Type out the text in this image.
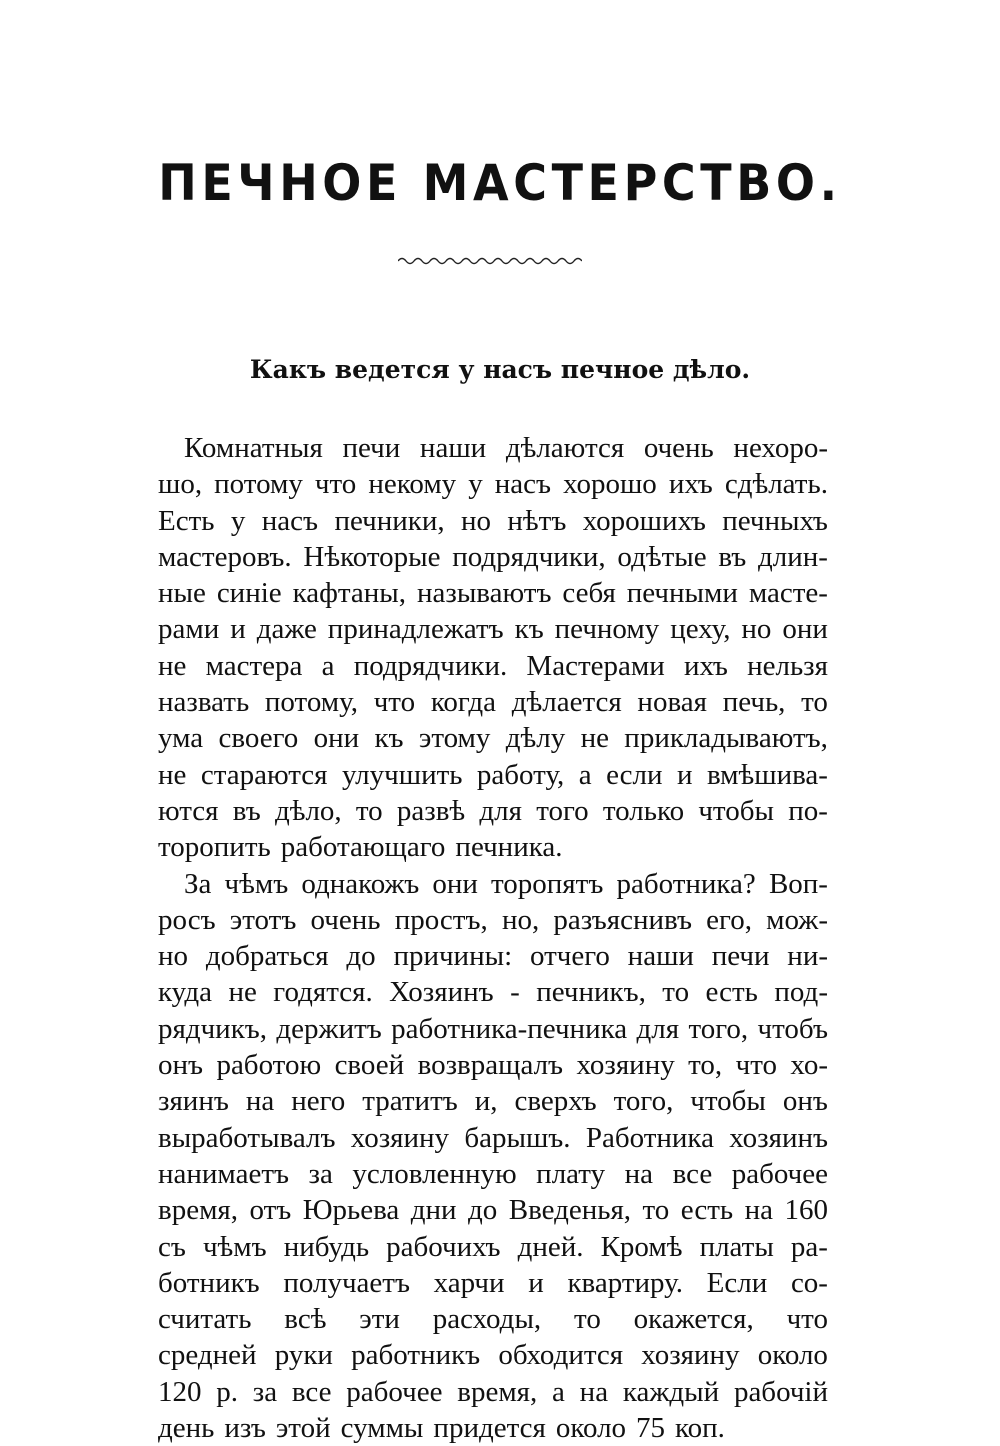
ПЕЧНОЕ МАСТЕРСТВО.
Какъ ведется у насъ печное дѣло.
Комнатныя печи наши дѣлаются очень нехоро-
шо, потому что некому у насъ хорошо ихъ сдѣлать.
Есть у насъ печники, но нѣтъ хорошихъ печныхъ
мастеровъ. Нѣкоторые подрядчики, одѣтые въ длин-
ные синіе кафтаны, называютъ себя печными масте-
рами и даже принадлежатъ къ печному цеху, но они
не мастера а подрядчики. Мастерами ихъ нельзя
назвать потому, что когда дѣлается новая печь, то
ума своего они къ этому дѣлу не прикладываютъ,
не стараются улучшить работу, а если и вмѣшива-
ются въ дѣло, то развѣ для того только чтобы по-
торопить работающаго печника.
За чѣмъ однакожъ они торопятъ работника? Воп-
росъ этотъ очень простъ, но, разъяснивъ его, мож-
но добраться до причины: отчего наши печи ни-
куда не годятся. Хозяинъ - печникъ, то есть под-
рядчикъ, держитъ работника-печника для того, чтобъ
онъ работою своей возвращалъ хозяину то, что хо-
зяинъ на него тратитъ и, сверхъ того, чтобы онъ
выработывалъ хозяину барышъ. Работника хозяинъ
нанимаетъ за условленную плату на все рабочее
время, отъ Юрьева дни до Введенья, то есть на 160
съ чѣмъ нибудь рабочихъ дней. Кромѣ платы ра-
ботникъ получаетъ харчи и квартиру. Если со-
считать всѣ эти расходы, то окажется, что
средней руки работникъ обходится хозяину около
120 р. за все рабочее время, а на каждый рабочій
день изъ этой суммы придется около 75 коп.
